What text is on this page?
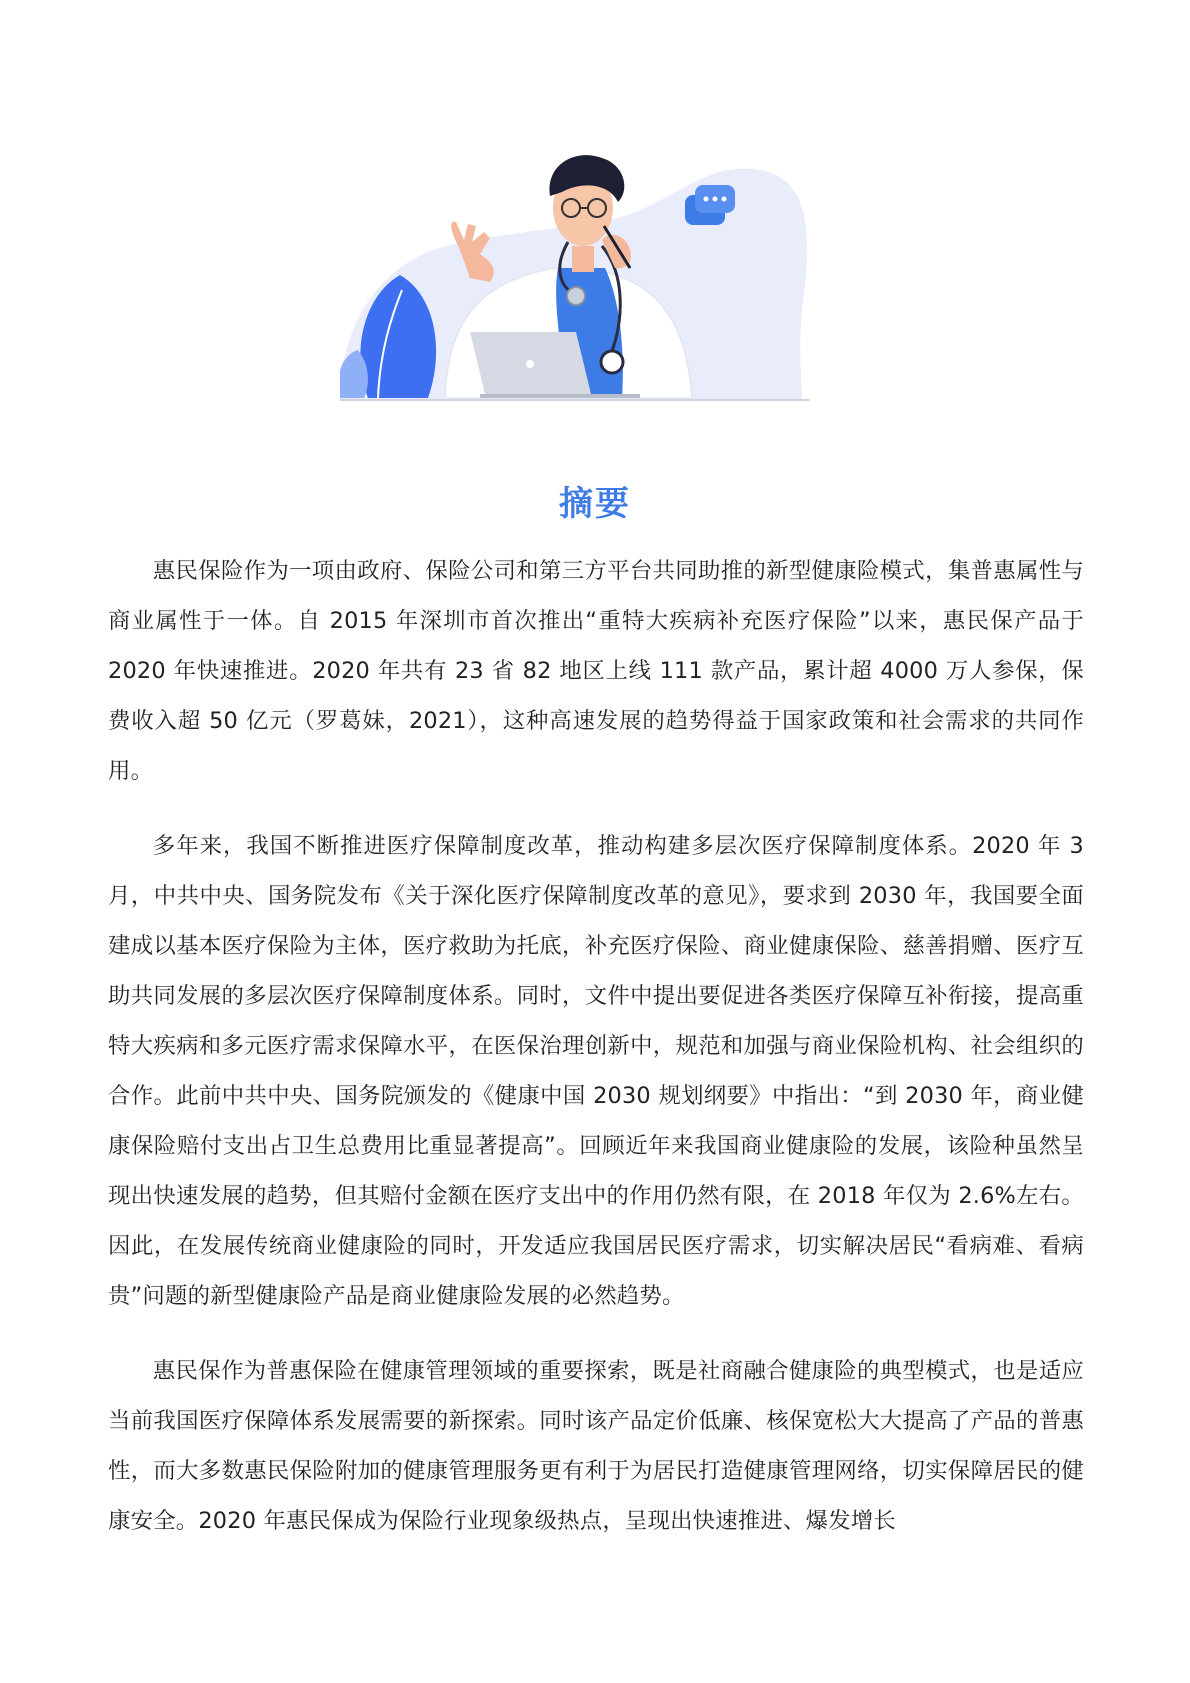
摘要

惠民保险作为一项由政府、保险公司和第三方平台共同助推的新型健康险模式，集普惠属性与商业属性于一体。自 2015 年深圳市首次推出“重特大疾病补充医疗保险”以来，惠民保产品于 2020 年快速推进。2020 年共有 23 省 82 地区上线 111 款产品，累计超 4000 万人参保，保费收入超 50 亿元（罗葛妹，2021），这种高速发展的趋势得益于国家政策和社会需求的共同作用。

多年来，我国不断推进医疗保障制度改革，推动构建多层次医疗保障制度体系。2020 年 3 月，中共中央、国务院发布《关于深化医疗保障制度改革的意见》，要求到 2030 年，我国要全面建成以基本医疗保险为主体，医疗救助为托底，补充医疗保险、商业健康保险、慈善捐赠、医疗互助共同发展的多层次医疗保障制度体系。同时，文件中提出要促进各类医疗保障互补衔接，提高重特大疾病和多元医疗需求保障水平，在医保治理创新中，规范和加强与商业保险机构、社会组织的合作。此前中共中央、国务院颁发的《健康中国 2030 规划纲要》中指出：“到 2030 年，商业健康保险赔付支出占卫生总费用比重显著提高”。回顾近年来我国商业健康险的发展，该险种虽然呈现出快速发展的趋势，但其赔付金额在医疗支出中的作用仍然有限，在 2018 年仅为 2.6%左右。因此，在发展传统商业健康险的同时，开发适应我国居民医疗需求，切实解决居民“看病难、看病贵”问题的新型健康险产品是商业健康险发展的必然趋势。

惠民保作为普惠保险在健康管理领域的重要探索，既是社商融合健康险的典型模式，也是适应当前我国医疗保障体系发展需要的新探索。同时该产品定价低廉、核保宽松大大提高了产品的普惠性，而大多数惠民保险附加的健康管理服务更有利于为居民打造健康管理网络，切实保障居民的健康安全。2020 年惠民保成为保险行业现象级热点，呈现出快速推进、爆发增长
